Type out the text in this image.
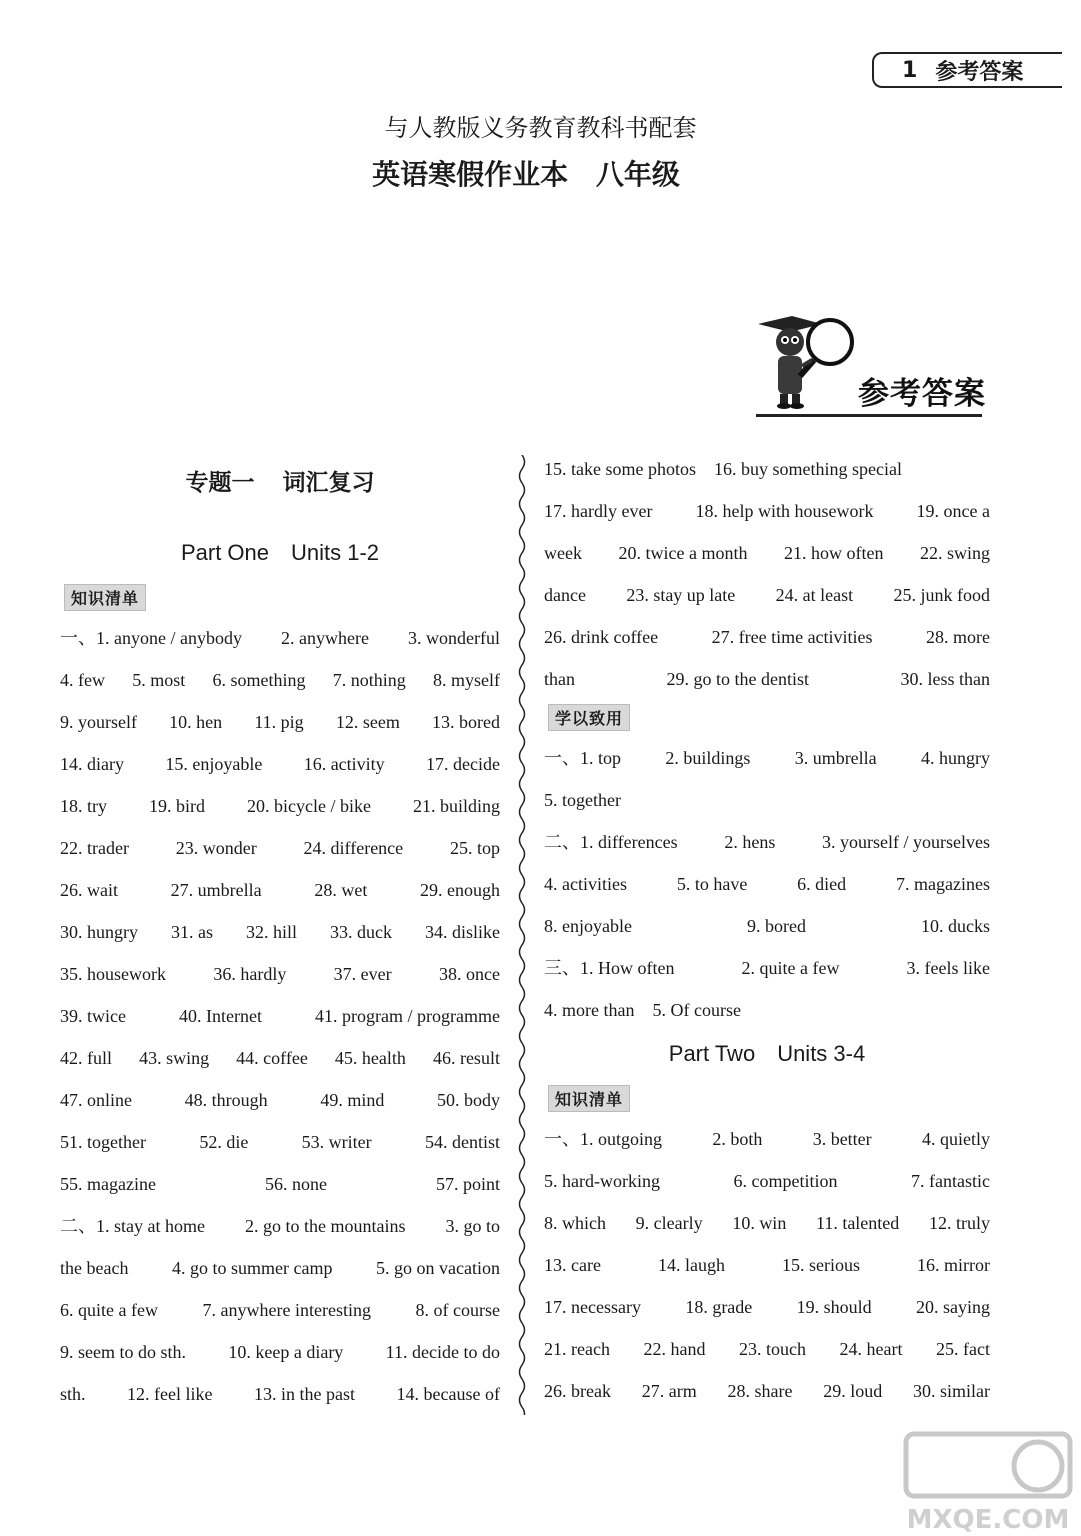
1 参考答案
与人教版义务教育教科书配套
英语寒假作业本 八年级
参考答案
专题一 词汇复习
Part One Units 1-2
知识清单
一、1. anyone / anybody 2. anywhere 3. wonderful
4. few 5. most 6. something 7. nothing 8. myself
9. yourself 10. hen 11. pig 12. seem 13. bored
14. diary 15. enjoyable 16. activity 17. decide
18. try 19. bird 20. bicycle / bike 21. building
22. trader	23. wonder	24. difference	25. top
26. wait	27. umbrella	28. wet	29. enough
30. hungry 31. as 32. hill 33. duck 34. dislike
35. housework	36. hardly	37. ever	38. once
39. twice	40. Internet	41. program / programme
42. full 43. swing 44. coffee 45. health 46. result
47. online	48. through	49. mind	50. body
51. together	52. die	53. writer	54. dentist
55. magazine	56. none	57. point
二、1. stay at home 2. go to the mountains 3. go to
the beach 4. go to summer camp 5. go on vacation
6. quite a few 7. anywhere interesting 8. of course
9. seem to do sth. 10. keep a diary 11. decide to do
sth. 12. feel like 13. in the past 14. because of
15. take some photos 16. buy something special
17. hardly ever 18. help with housework 19. once a
week 20. twice a month 21. how often 22. swing
dance 23. stay up late 24. at least 25. junk food
26. drink coffee	27. free time activities	28. more
than	29. go to the dentist	30. less than
学以致用
一、1. top 2. buildings 3. umbrella 4. hungry
5. together
二、1. differences	2. hens	3. yourself / yourselves
4. activities	5. to have	6. died	7. magazines
8. enjoyable	9. bored	10. ducks
三、1. How often	2. quite a few	3. feels like
4. more than 5. Of course
Part Two Units 3-4
知识清单
一、1. outgoing	2. both	3. better	4. quietly
5. hard-working	6. competition	7. fantastic
8. which 9. clearly 10. win 11. talented 12. truly
13. care	14. laugh	15. serious	16. mirror
17. necessary 18. grade 19. should 20. saying
21. reach 22. hand 23. touch 24. heart 25. fact
26. break 27. arm 28. share 29. loud 30. similar
MXQE.COM
